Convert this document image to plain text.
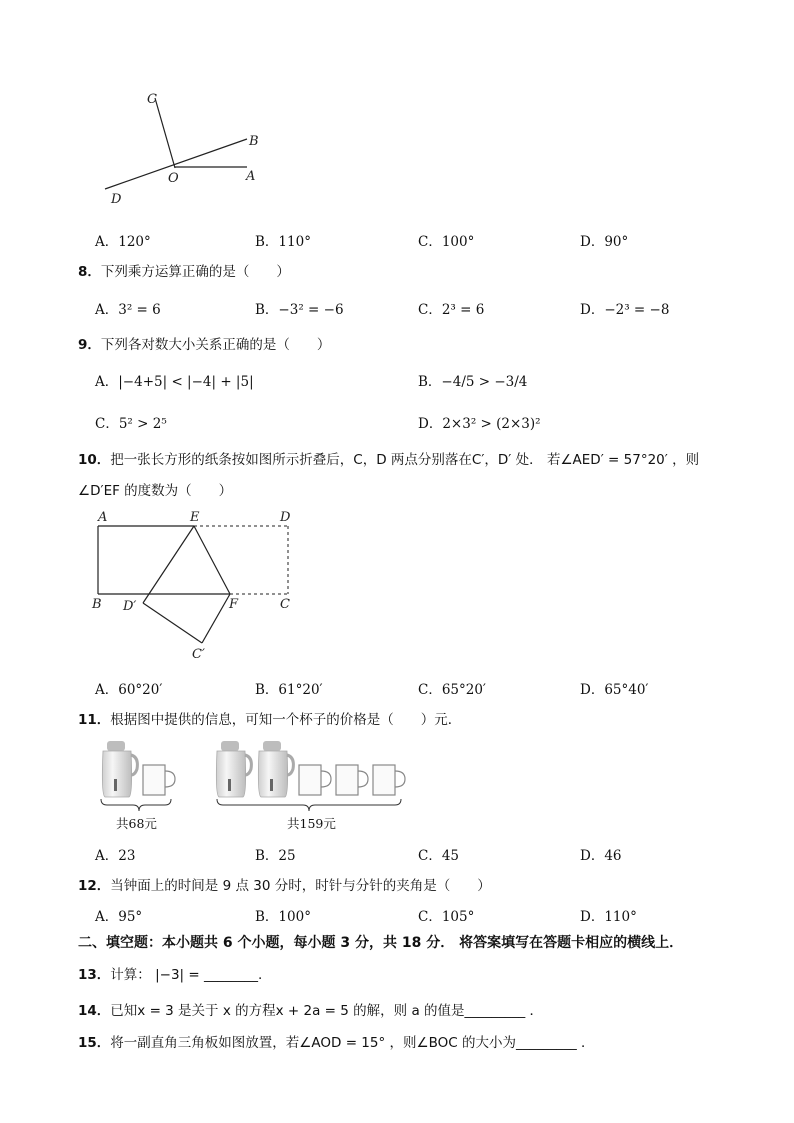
C
B
O	A
D
A．120°	B．110°	C．100°	D．90°
8．下列乘方运算正确的是（　　）
A．3² = 6	B．−3² = −6	C．2³ = 6	D．−2³ = −8
9．下列各对数大小关系正确的是（　　）
A．|−4+5| < |−4| + |5|	B．−4/5 > −3/4
C．5² > 2⁵	D．2×3² > (2×3)²
10．把一张长方形的纸条按如图所示折叠后，C，D 两点分别落在C′，D′ 处． 若∠AED′ = 57°20′ ，则
∠D′EF 的度数为（　　）
A	E	D
B D′	F	C
C′
A．60°20′	B．61°20′	C．65°20′	D．65°40′
11．根据图中提供的信息，可知一个杯子的价格是（　　）元．
共68元	共159元
A．23	B．25	C．45	D．46
12．当钟面上的时间是 9 点 30 分时，时针与分针的夹角是（　　）
A．95°	B．100°	C．105°	D．110°
二、填空题：本小题共 6 个小题，每小题 3 分，共 18 分． 将答案填写在答题卡相应的横线上．
13．计算： |−3| = ________.
14．已知x = 3 是关于 x 的方程x + 2a = 5 的解，则 a 的值是_________ ．
15．将一副直角三角板如图放置，若∠AOD = 15° ，则∠BOC 的大小为_________ ．
